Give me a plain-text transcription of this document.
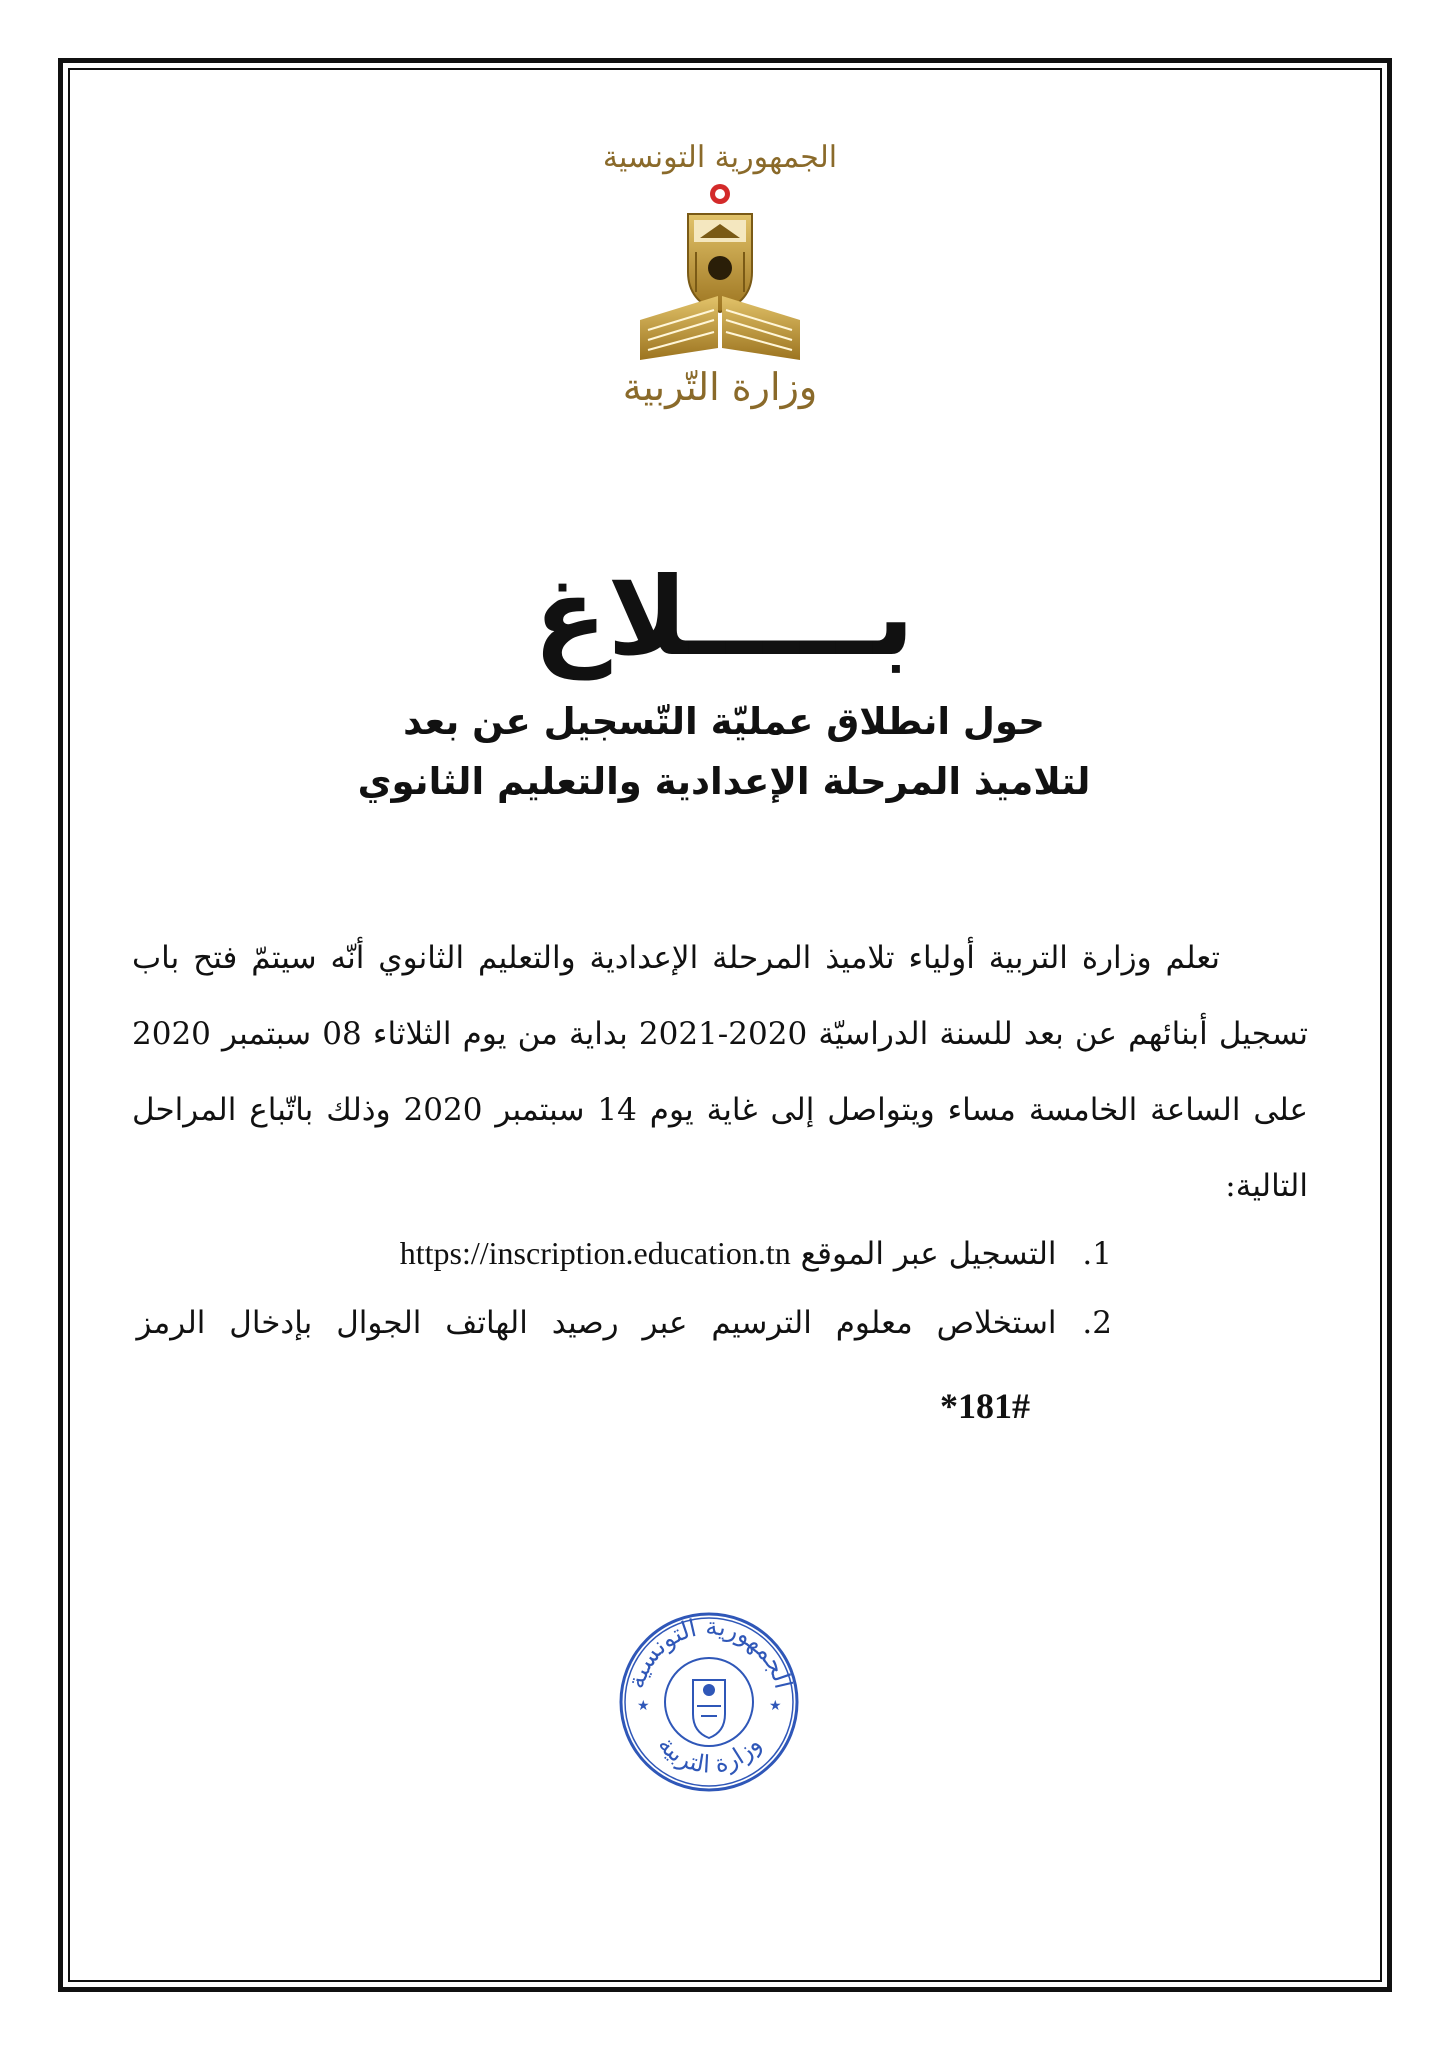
الجمهورية التونسية
وزارة التّربية
بـــــلاغ
حول انطلاق عمليّة التّسجيل عن بعد
لتلاميذ المرحلة الإعدادية والتعليم الثانوي

تعلم وزارة التربية أولياء تلاميذ المرحلة الإعدادية والتعليم الثانوي أنّه سيتمّ فتح باب تسجيل أبنائهم عن بعد للسنة الدراسيّة 2020-2021 بداية من يوم الثلاثاء 08 سبتمبر 2020 على الساعة الخامسة مساء ويتواصل إلى غاية يوم 14 سبتمبر 2020 وذلك باتّباع المراحل التالية:

1. التسجيل عبر الموقع https://inscription.education.tn
2. استخلاص معلوم الترسيم عبر رصيد الهاتف الجوال بإدخال الرمز
*181#
الجمهورية التونسية
وزارة التربية
★	★
